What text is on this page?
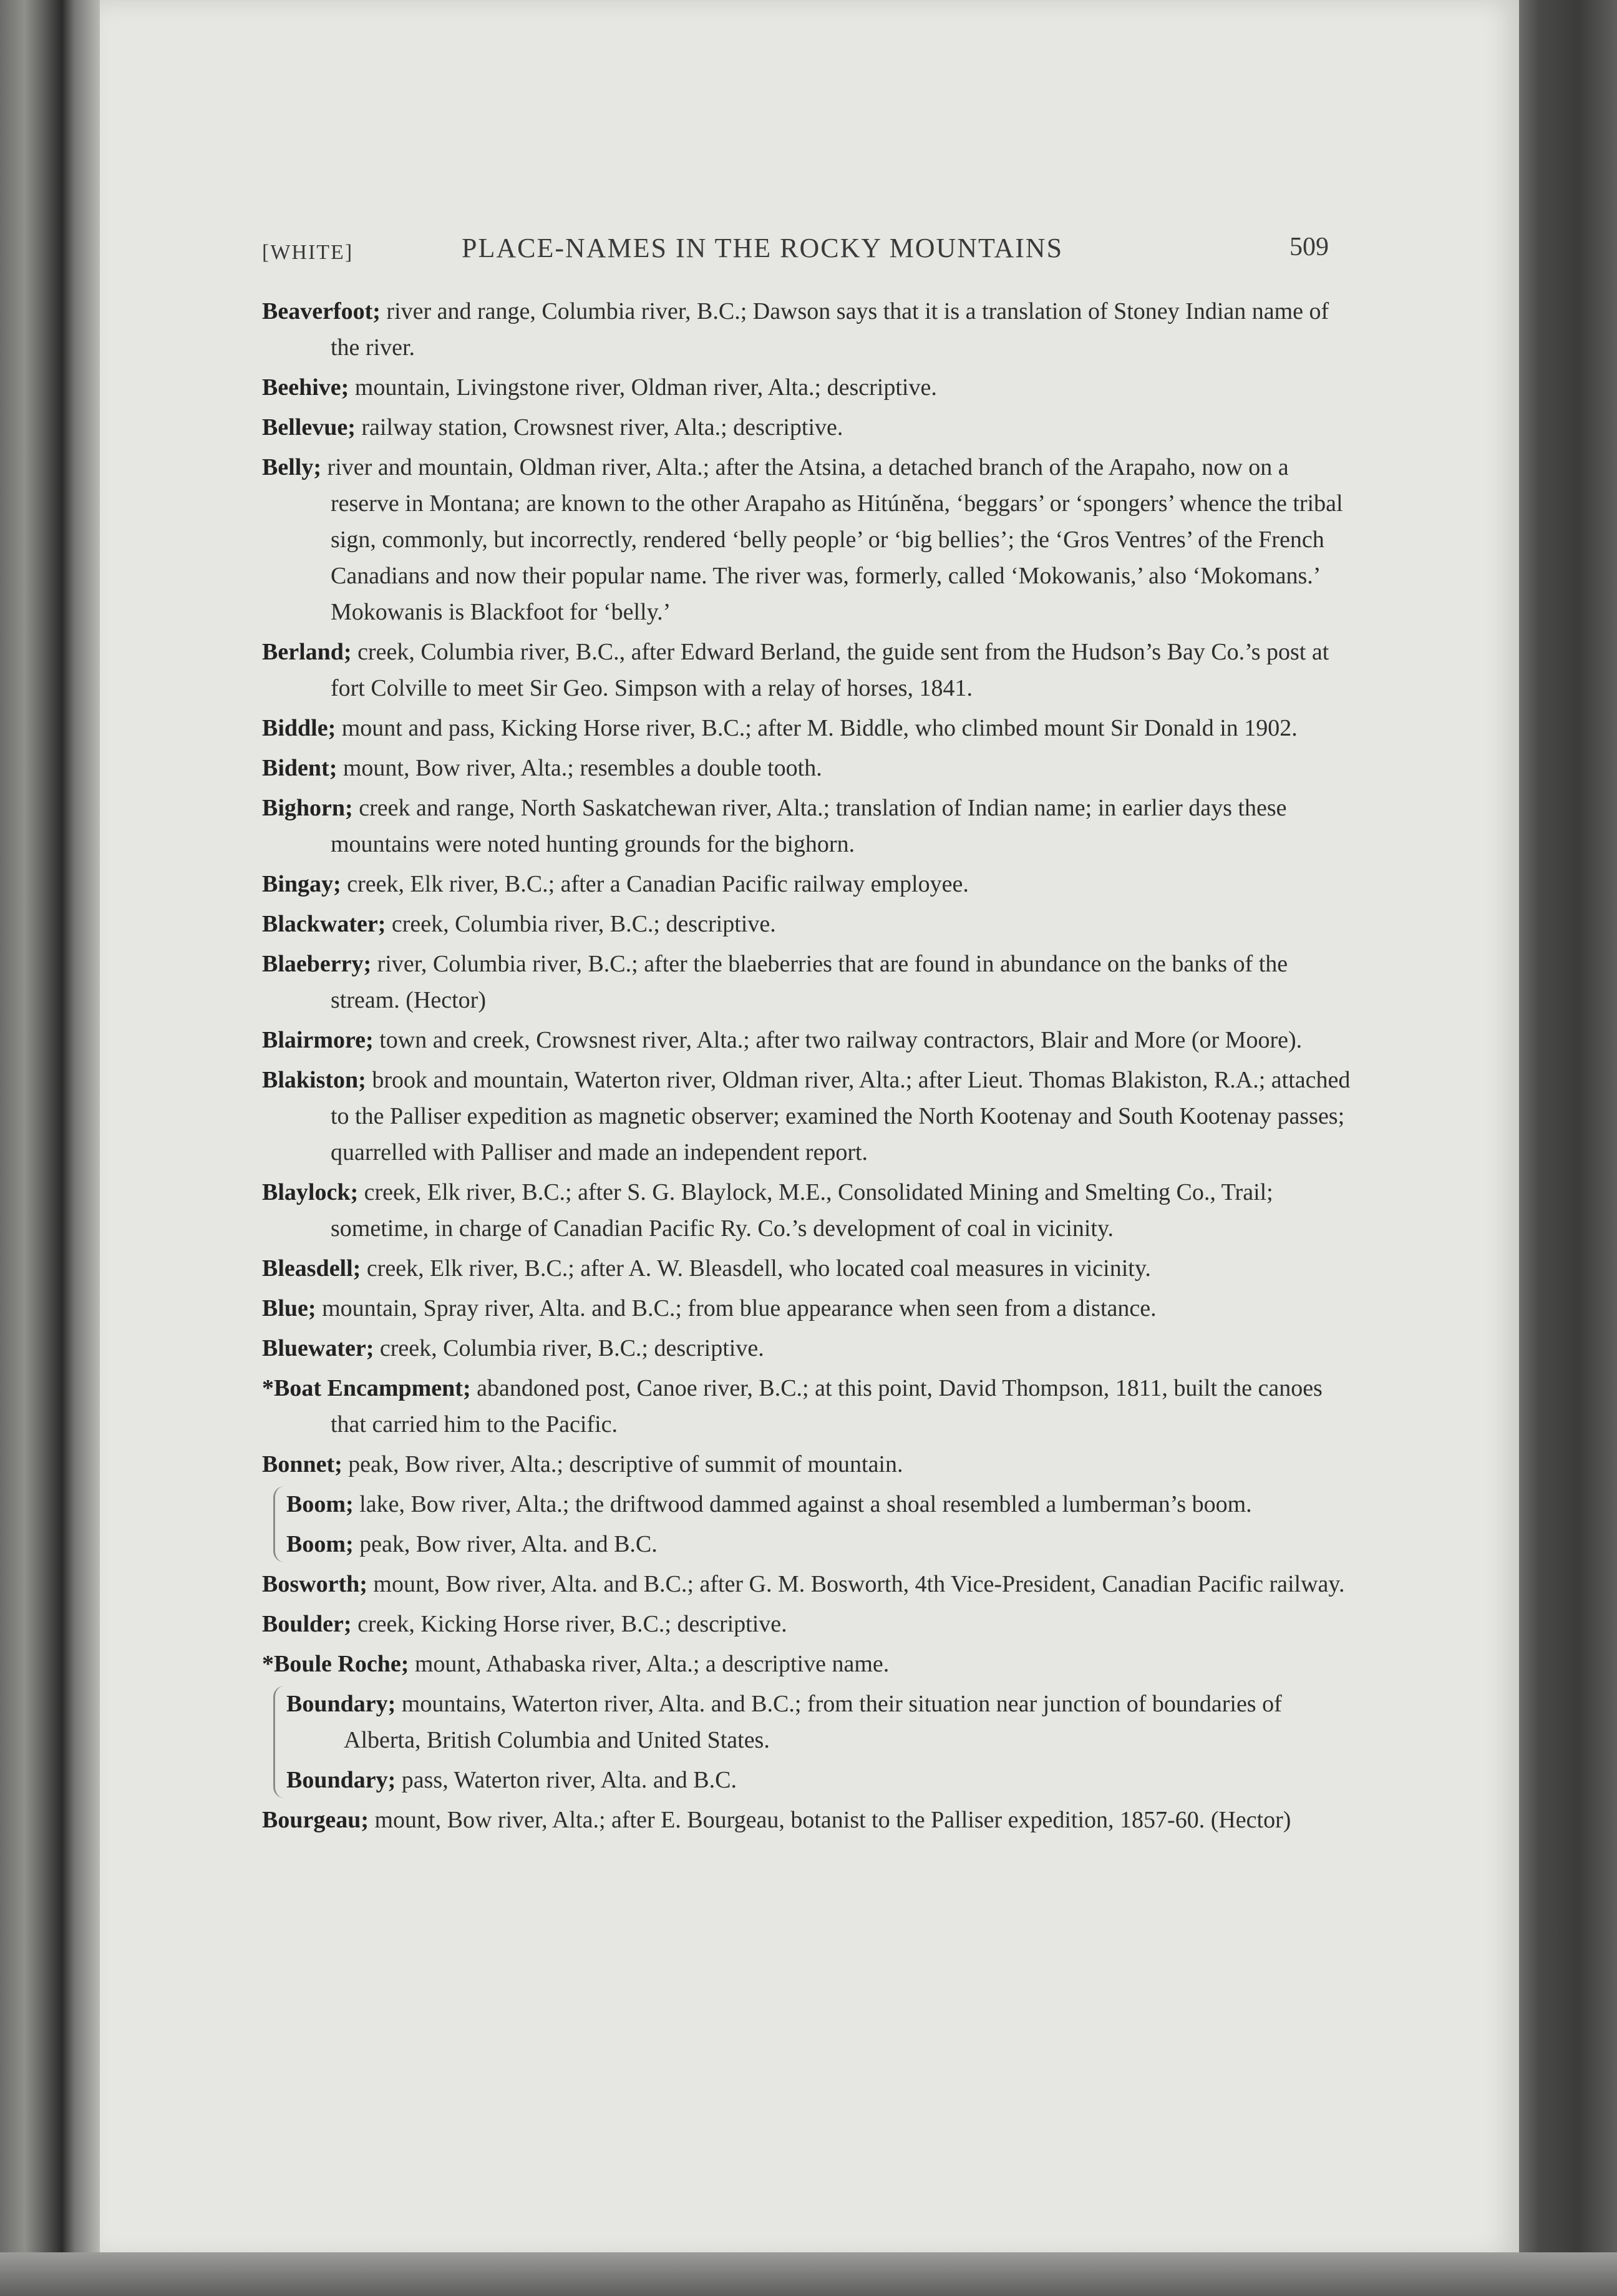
[WHITE]	PLACE-NAMES IN THE ROCKY MOUNTAINS	509
Beaverfoot; river and range, Columbia river, B.C.; Dawson says that it is a translation of Stoney Indian name of the river.
Beehive; mountain, Livingstone river, Oldman river, Alta.; descriptive.
Bellevue; railway station, Crowsnest river, Alta.; descriptive.
Belly; river and mountain, Oldman river, Alta.; after the Atsina, a detached branch of the Arapaho, now on a reserve in Montana; are known to the other Arapaho as Hitúněna, ‘beggars’ or ‘spongers’ whence the tribal sign, commonly, but incorrectly, rendered ‘belly people’ or ‘big bellies’; the ‘Gros Ventres’ of the French Canadians and now their popular name. The river was, formerly, called ‘Mokowanis,’ also ‘Mokomans.’ Mokowanis is Blackfoot for ‘belly.’
Berland; creek, Columbia river, B.C., after Edward Berland, the guide sent from the Hudson’s Bay Co.’s post at fort Colville to meet Sir Geo. Simpson with a relay of horses, 1841.
Biddle; mount and pass, Kicking Horse river, B.C.; after M. Biddle, who climbed mount Sir Donald in 1902.
Bident; mount, Bow river, Alta.; resembles a double tooth.
Bighorn; creek and range, North Saskatchewan river, Alta.; translation of Indian name; in earlier days these mountains were noted hunting grounds for the bighorn.
Bingay; creek, Elk river, B.C.; after a Canadian Pacific railway employee.
Blackwater; creek, Columbia river, B.C.; descriptive.
Blaeberry; river, Columbia river, B.C.; after the blaeberries that are found in abundance on the banks of the stream. (Hector)
Blairmore; town and creek, Crowsnest river, Alta.; after two railway contractors, Blair and More (or Moore).
Blakiston; brook and mountain, Waterton river, Oldman river, Alta.; after Lieut. Thomas Blakiston, R.A.; attached to the Palliser expedition as magnetic observer; examined the North Kootenay and South Kootenay passes; quarrelled with Palliser and made an independent report.
Blaylock; creek, Elk river, B.C.; after S. G. Blaylock, M.E., Consolidated Mining and Smelting Co., Trail; sometime, in charge of Canadian Pacific Ry. Co.’s development of coal in vicinity.
Bleasdell; creek, Elk river, B.C.; after A. W. Bleasdell, who located coal measures in vicinity.
Blue; mountain, Spray river, Alta. and B.C.; from blue appearance when seen from a distance.
Bluewater; creek, Columbia river, B.C.; descriptive.
*Boat Encampment; abandoned post, Canoe river, B.C.; at this point, David Thompson, 1811, built the canoes that carried him to the Pacific.
Bonnet; peak, Bow river, Alta.; descriptive of summit of mountain.
Boom; lake, Bow river, Alta.; the driftwood dammed against a shoal resembled a lumberman’s boom.
Boom; peak, Bow river, Alta. and B.C.
Bosworth; mount, Bow river, Alta. and B.C.; after G. M. Bosworth, 4th Vice-President, Canadian Pacific railway.
Boulder; creek, Kicking Horse river, B.C.; descriptive.
*Boule Roche; mount, Athabaska river, Alta.; a descriptive name.
Boundary; mountains, Waterton river, Alta. and B.C.; from their situation near junction of boundaries of Alberta, British Columbia and United States.
Boundary; pass, Waterton river, Alta. and B.C.
Bourgeau; mount, Bow river, Alta.; after E. Bourgeau, botanist to the Palliser expedition, 1857-60. (Hector)
